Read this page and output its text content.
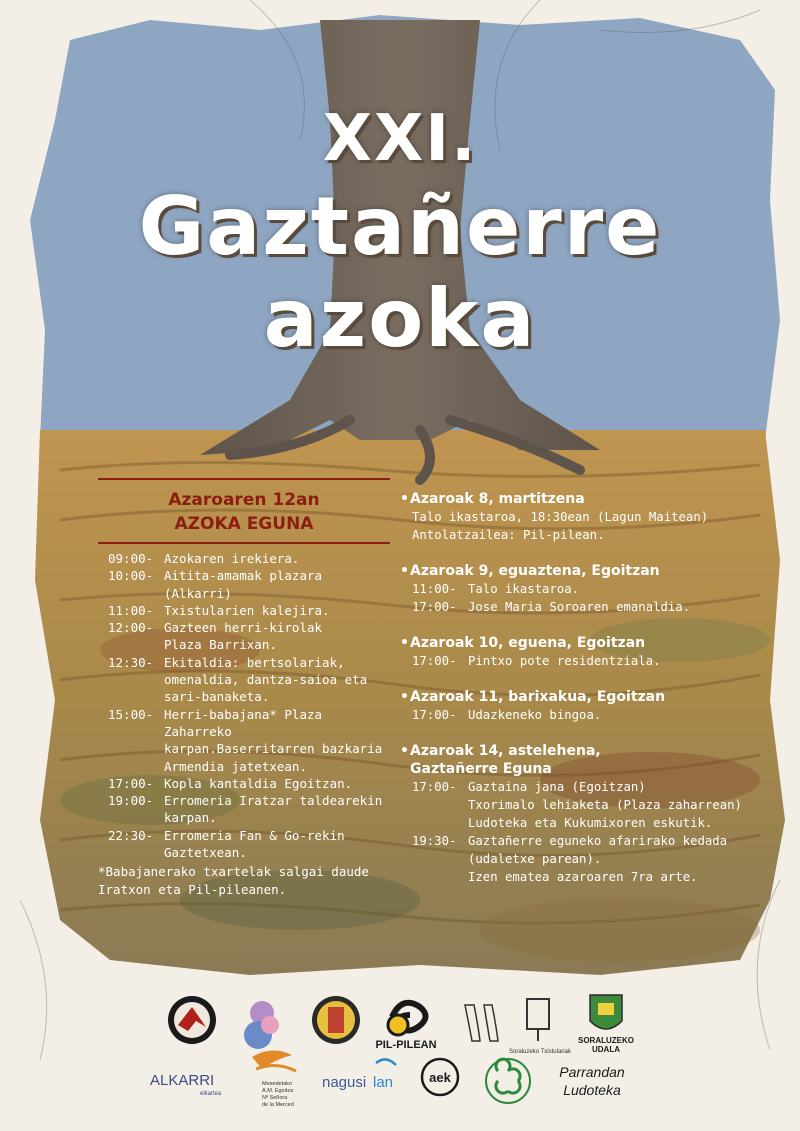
XXI.
Gaztañerre
azoka
Azaroaren 12an
AZOKA EGUNA
09:00- Azokaren irekiera.
10:00- Aitita-amamak plazara (Alkarri)
11:00- Txistularien kalejira.
12:00- Gazteen herri-kirolak
Plaza Barrixan.
12:30- Ekitaldia: bertsolariak,
omenaldia, dantza-saioa eta
sari-banaketa.
15:00- Herri-babajana* Plaza Zaharreko
karpan.Baserritarren bazkaria
Armendia jatetxean.
17:00- Kopla kantaldia Egoitzan.
19:00- Erromeria Iratzar taldearekin
karpan.
22:30- Erromeria Fan & Go-rekin
Gaztetxean.
*Babajanerako txartelak salgai daude
Iratxon eta Pil-pileanen.
•Azaroak 8, martitzena
Talo ikastaroa, 18:30ean (Lagun Maitean)
Antolatzailea: Pil-pilean.
•Azaroak 9, eguaztena, Egoitzan
11:00- Talo ikastaroa.
17:00- Jose Maria Soroaren emanaldia.
•Azaroak 10, eguena, Egoitzan
17:00- Pintxo pote residentziala.
•Azaroak 11, barixakua, Egoitzan
17:00- Udazkeneko bingoa.
•Azaroak 14, astelehena,
Gaztañerre Eguna
17:00- Gaztaina jana (Egoitzan)
Txorimalo lehiaketa (Plaza zaharrean)
Ludoteka eta Kukumixoren eskutik.
19:30- Gaztañerre eguneko afarirako kedada
(udaletxe parean).
Izen ematea azaroaren 7ra arte.
PIL-PILEAN
Soraluzeko Txistulariak
SORALUZEKO
UDALA
ALKARRI
elkartea
Mesedetako
A.M. Egoitza
Nª Señora
de la Merced
nagusi lan	aek	Parrandan
Ludoteka
